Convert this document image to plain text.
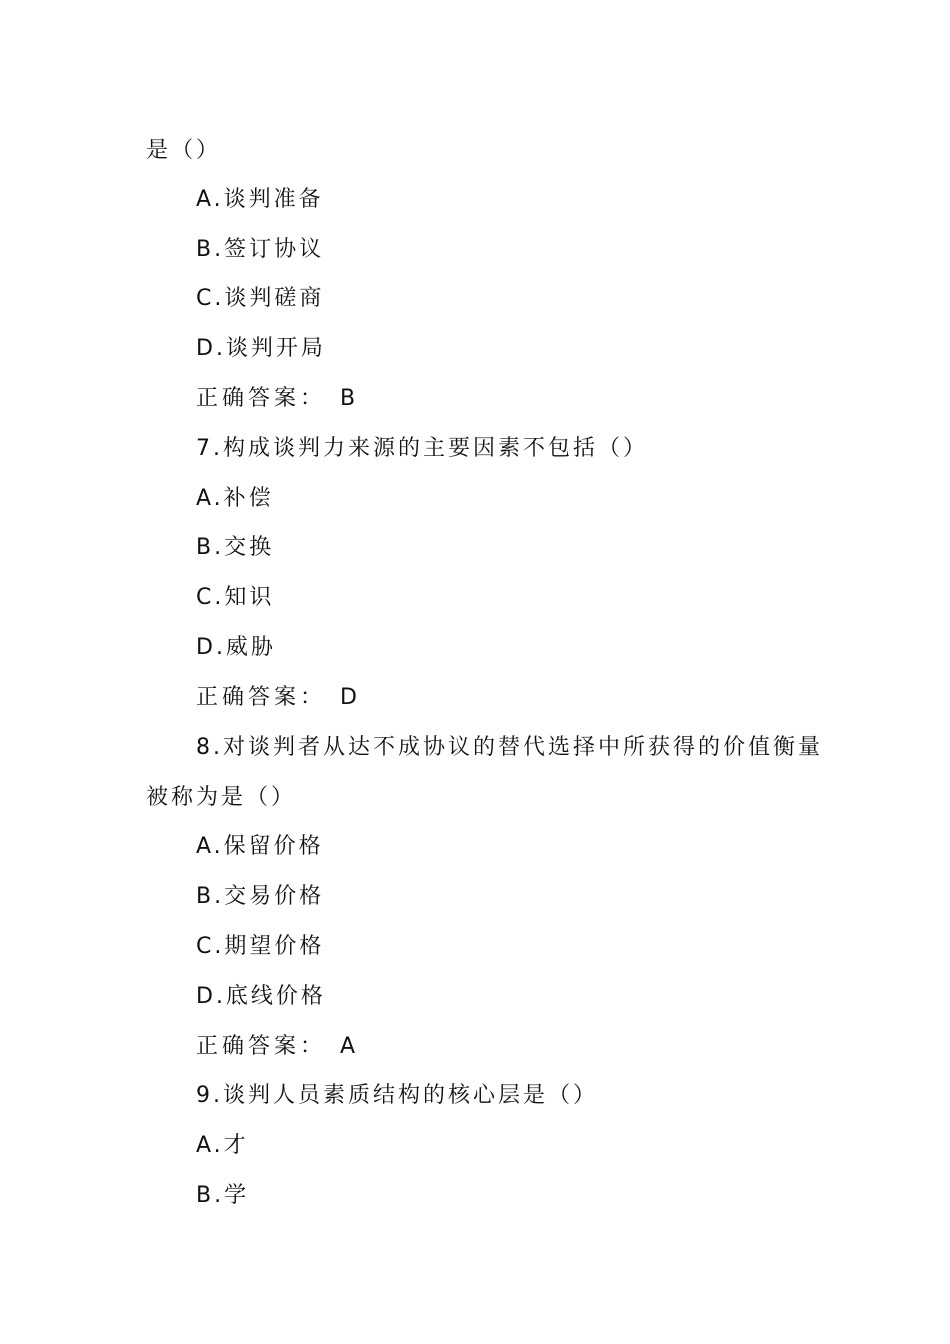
是（）
A.谈判准备
B.签订协议
C.谈判磋商
D.谈判开局
正确答案： B
7.构成谈判力来源的主要因素不包括（）
A.补偿
B.交换
C.知识
D.威胁
正确答案： D
8.对谈判者从达不成协议的替代选择中所获得的价值衡量
被称为是（）
A.保留价格
B.交易价格
C.期望价格
D.底线价格
正确答案： A
9.谈判人员素质结构的核心层是（）
A.才
B.学
